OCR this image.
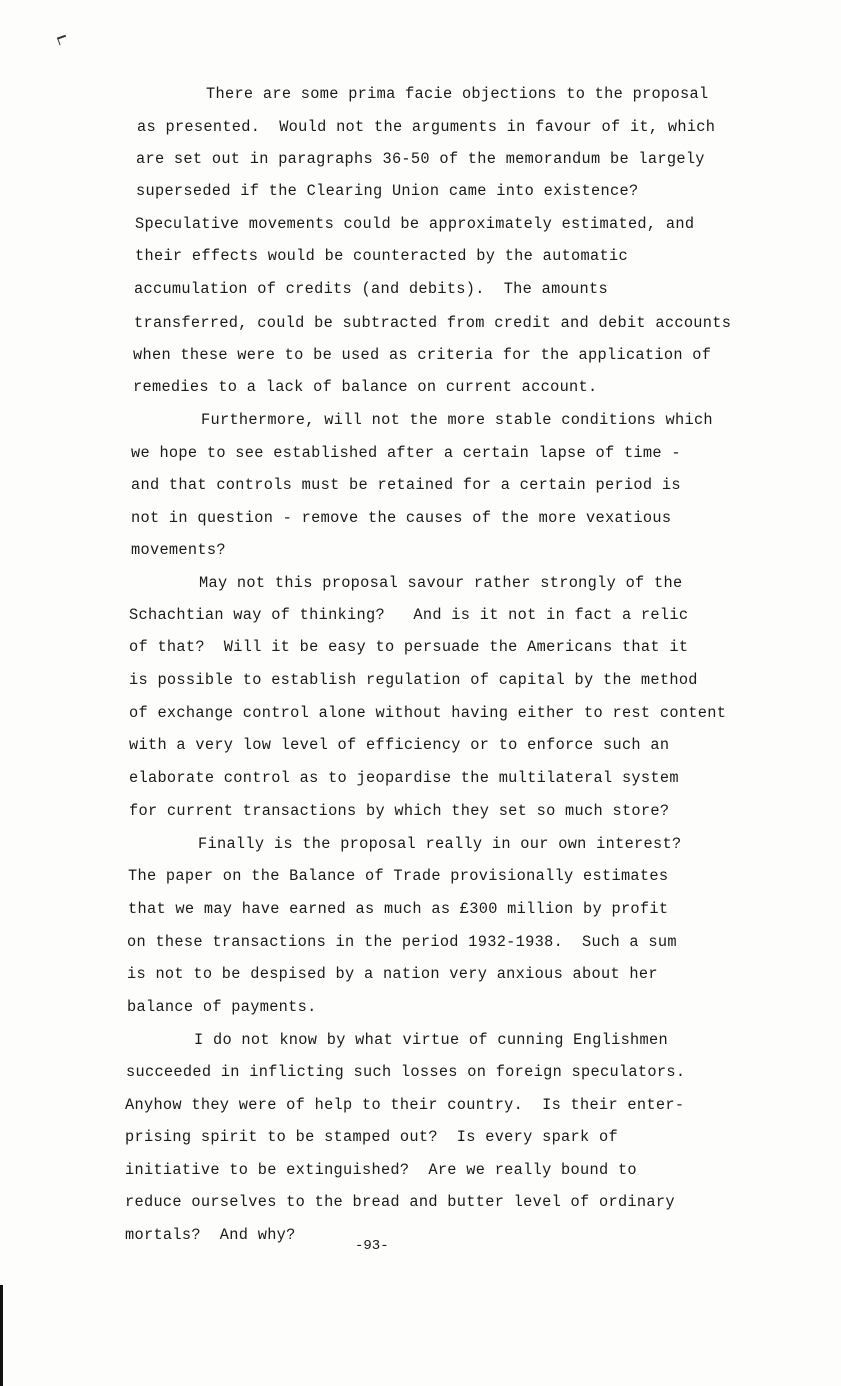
There are some prima facie objections to the proposal
as presented.  Would not the arguments in favour of it, which
are set out in paragraphs 36-50 of the memorandum be largely
superseded if the Clearing Union came into existence?
Speculative movements could be approximately estimated, and
their effects would be counteracted by the automatic
accumulation of credits (and debits).  The amounts
transferred, could be subtracted from credit and debit accounts
when these were to be used as criteria for the application of
remedies to a lack of balance on current account.
Furthermore, will not the more stable conditions which
we hope to see established after a certain lapse of time -
and that controls must be retained for a certain period is
not in question - remove the causes of the more vexatious
movements?
May not this proposal savour rather strongly of the
Schachtian way of thinking?   And is it not in fact a relic
of that?  Will it be easy to persuade the Americans that it
is possible to establish regulation of capital by the method
of exchange control alone without having either to rest content
with a very low level of efficiency or to enforce such an
elaborate control as to jeopardise the multilateral system
for current transactions by which they set so much store?
Finally is the proposal really in our own interest?
The paper on the Balance of Trade provisionally estimates
that we may have earned as much as £300 million by profit
on these transactions in the period 1932-1938.  Such a sum
is not to be despised by a nation very anxious about her
balance of payments.
I do not know by what virtue of cunning Englishmen
succeeded in inflicting such losses on foreign speculators.
Anyhow they were of help to their country.  Is their enter-
prising spirit to be stamped out?  Is every spark of
initiative to be extinguished?  Are we really bound to
reduce ourselves to the bread and butter level of ordinary
mortals?  And why?
-93-
